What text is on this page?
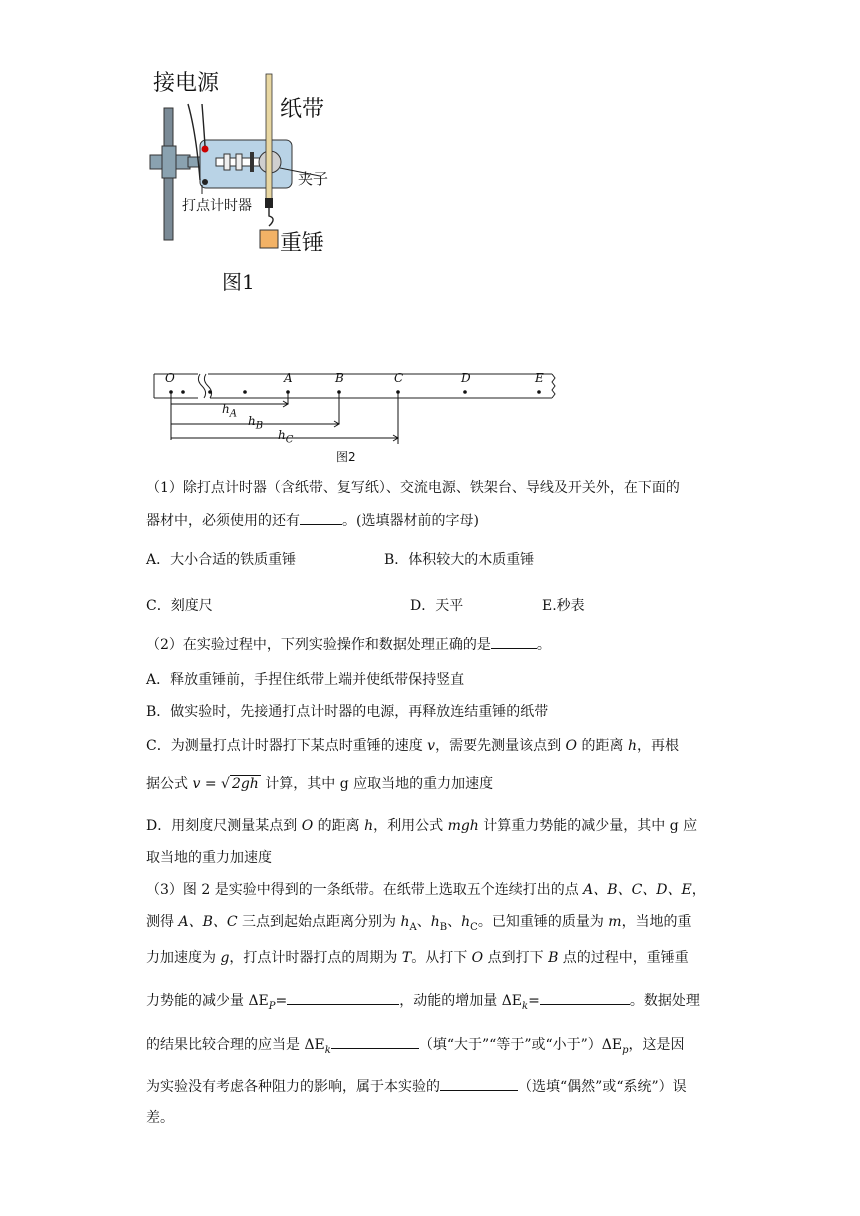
接电源
纸带
夹子
打点计时器
重锤
图1
O	A	B	C	D	E
$h_A$
$h_B$
$h_C$
图2
（1）除打点计时器（含纸带、复写纸）、交流电源、铁架台、导线及开关外，在下面的
器材中，必须使用的还有	。(选填器材前的字母)
A．大小合适的铁质重锤	B．体积较大的木质重锤
C．刻度尺	D．天平	E.秒表
（2）在实验过程中，下列实验操作和数据处理正确的是	。
A．释放重锤前，手捏住纸带上端并使纸带保持竖直
B．做实验时，先接通打点计时器的电源，再释放连结重锤的纸带
C．为测量打点计时器打下某点时重锤的速度 v，需要先测量该点到 O 的距离 h，再根
据公式 v = √ 2gh 计算，其中 g 应取当地的重力加速度
D．用刻度尺测量某点到 O 的距离 h，利用公式 mgh 计算重力势能的减少量，其中 g 应
取当地的重力加速度
（3）图 2 是实验中得到的一条纸带。在纸带上选取五个连续打出的点 A、B、C、D、E，
测得 A、B、C 三点到起始点距离分别为 $h_A$、$h_B$、$h_C$。已知重锤的质量为 m，当地的重
力加速度为 g，打点计时器打点的周期为 T。从打下 O 点到打下 B 点的过程中，重锤重
力势能的减少量 $\Delta E_P=$	，动能的增加量 $\Delta E_k=$	。数据处理
的结果比较合理的应当是 $\Delta E_k$	（填“大于”“等于”或“小于$”)\Delta E_p$，这是因
为实验没有考虑各种阻力的影响，属于本实验的	（选填“偶然”或“系统”）误
差。
